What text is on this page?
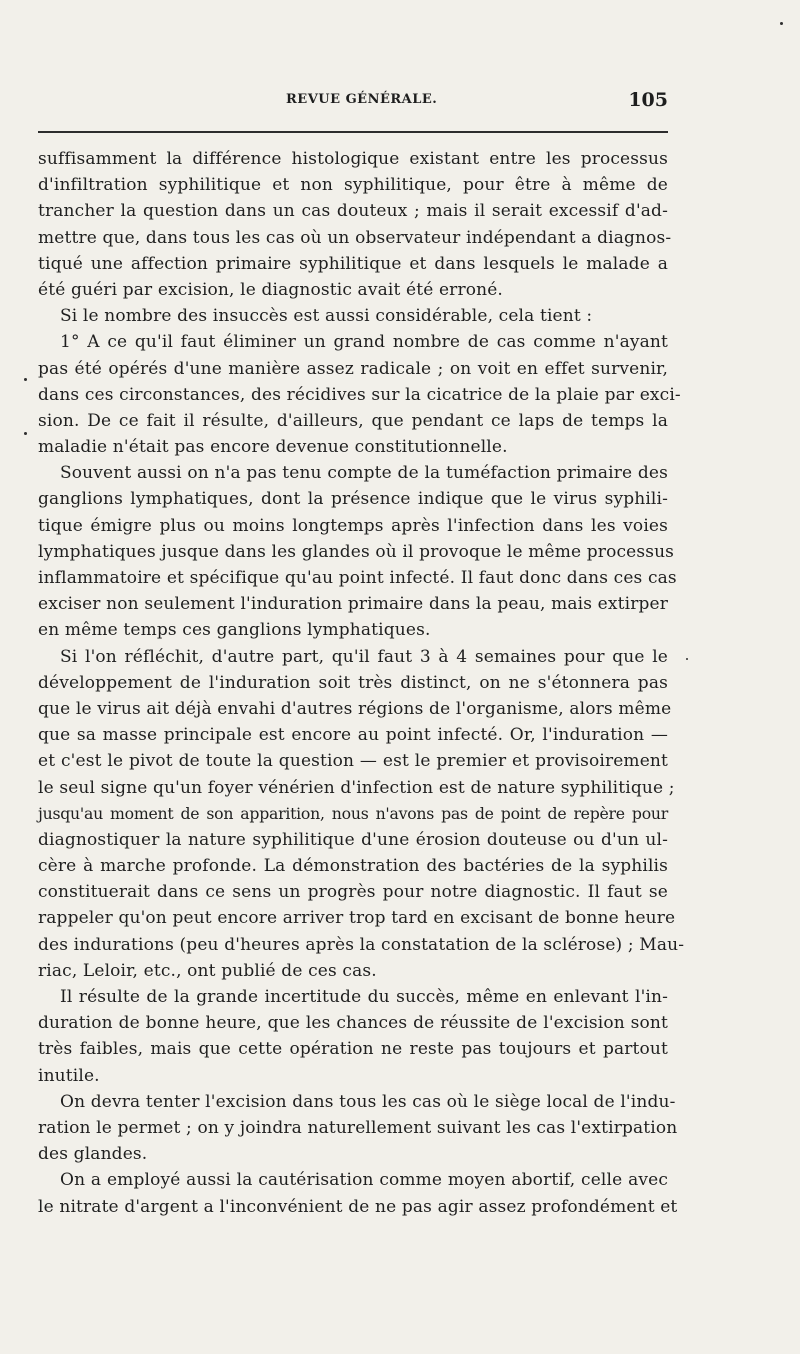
REVUE GÉNÉRALE.	105
suffisamment la différence histologique existant entre les processus
d'infiltration syphilitique et non syphilitique, pour être à même de
trancher la question dans un cas douteux ; mais il serait excessif d'ad-
mettre que, dans tous les cas où un observateur indépendant a diagnos-
tiqué une affection primaire syphilitique et dans lesquels le malade a
été guéri par excision, le diagnostic avait été erroné.
Si le nombre des insuccès est aussi considérable, cela tient :
1° A ce qu'il faut éliminer un grand nombre de cas comme n'ayant
pas été opérés d'une manière assez radicale ; on voit en effet survenir,
dans ces circonstances, des récidives sur la cicatrice de la plaie par exci-
sion. De ce fait il résulte, d'ailleurs, que pendant ce laps de temps la
maladie n'était pas encore devenue constitutionnelle.
Souvent aussi on n'a pas tenu compte de la tuméfaction primaire des
ganglions lymphatiques, dont la présence indique que le virus syphili-
tique émigre plus ou moins longtemps après l'infection dans les voies
lymphatiques jusque dans les glandes où il provoque le même processus
inflammatoire et spécifique qu'au point infecté. Il faut donc dans ces cas
exciser non seulement l'induration primaire dans la peau, mais extirper
en même temps ces ganglions lymphatiques.
Si l'on réfléchit, d'autre part, qu'il faut 3 à 4 semaines pour que le
développement de l'induration soit très distinct, on ne s'étonnera pas
que le virus ait déjà envahi d'autres régions de l'organisme, alors même
que sa masse principale est encore au point infecté. Or, l'induration —
et c'est le pivot de toute la question — est le premier et provisoirement
le seul signe qu'un foyer vénérien d'infection est de nature syphilitique ;
jusqu'au moment de son apparition, nous n'avons pas de point de repère pour
diagnostiquer la nature syphilitique d'une érosion douteuse ou d'un ul-
cère à marche profonde. La démonstration des bactéries de la syphilis
constituerait dans ce sens un progrès pour notre diagnostic. Il faut se
rappeler qu'on peut encore arriver trop tard en excisant de bonne heure
des indurations (peu d'heures après la constatation de la sclérose) ; Mau-
riac, Leloir, etc., ont publié de ces cas.
Il résulte de la grande incertitude du succès, même en enlevant l'in-
duration de bonne heure, que les chances de réussite de l'excision sont
très faibles, mais que cette opération ne reste pas toujours et partout
inutile.
On devra tenter l'excision dans tous les cas où le siège local de l'indu-
ration le permet ; on y joindra naturellement suivant les cas l'extirpation
des glandes.
On a employé aussi la cautérisation comme moyen abortif, celle avec
le nitrate d'argent a l'inconvénient de ne pas agir assez profondément et
